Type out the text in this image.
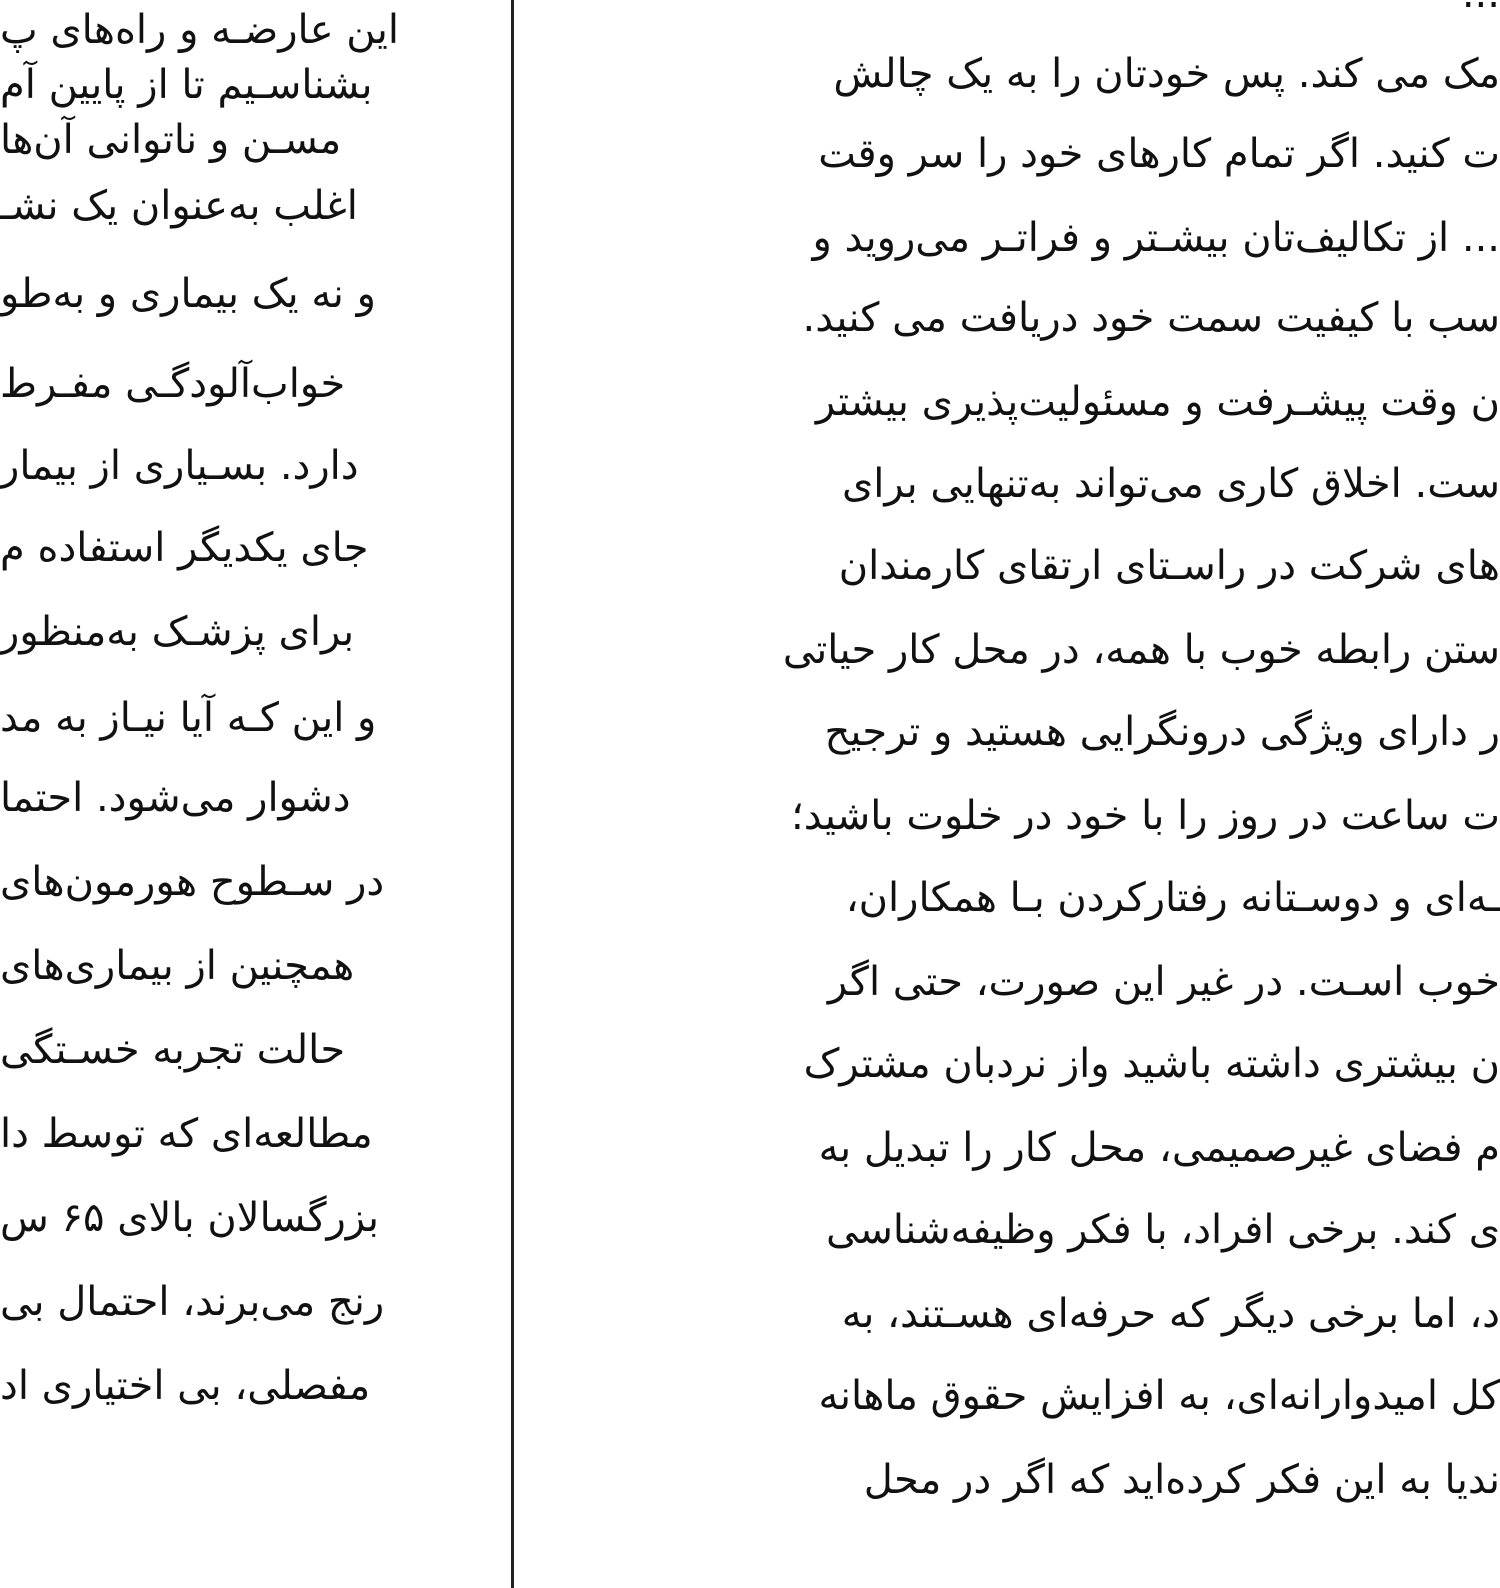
این عارضـه و راه‌های پ
بشناسـیم تا از پایین آم
مسـن و ناتوانی آن‌ها
اغلب به‌عنوان یک نشـ
و نه یک بیماری و به‌طو
خواب‌آلودگـی مفـرط
دارد. بسـیاری از بیمار
جای یکدیگر استفاده م
برای پزشـک به‌منظور
و این کـه آیا نیـاز به مد
دشوار می‌شود. احتما
در سـطوح هورمون‌های
همچنین از بیماری‌های
حالت تجربه خسـتگی
مطالعه‌ای که توسط دا
بزرگسالان بالای ۶۵ س
رنج می‌برند، احتمال بی
مفصلی، بی اختیاری اد
مک می کند. پس خودتان را به یک چالش
ت کنید. اگر تمام کارهای خود را سر وقت
... از تکالیف‌تان بیشـتر و فراتـر می‌روید و
سب با کیفیت سمت خود دریافت می کنید.
ن وقت پیشـرفت و مسئولیت‌پذیری بیشتر
ست. اخلاق کاری می‌تواند به‌تنهایی برای
های شرکت در راسـتای ارتقای کارمندان
ستن رابطه خوب با همه، در محل کار حیاتی
ر دارای ویژگی درونگرایی هستید و ترجیح
ت ساعت در روز را با خود در خلوت باشید؛
ـه‌ای و دوسـتانه رفتارکردن بـا همکاران،
خوب اسـت. در غیر این صورت، حتی اگر
ن بیشتری داشته باشید واز نردبان مشترک
م فضای غیرصمیمی، محل کار را تبدیل به
ی کند. برخی افراد، با فکر وظیفه‌شناسی
د، اما برخی دیگر که حرفه‌ای هسـتند، به
کل امیدوارانه‌ای، به افزایش حقوق ماهانه
ندیا به این فکر کرده‌اید که اگر در محل
